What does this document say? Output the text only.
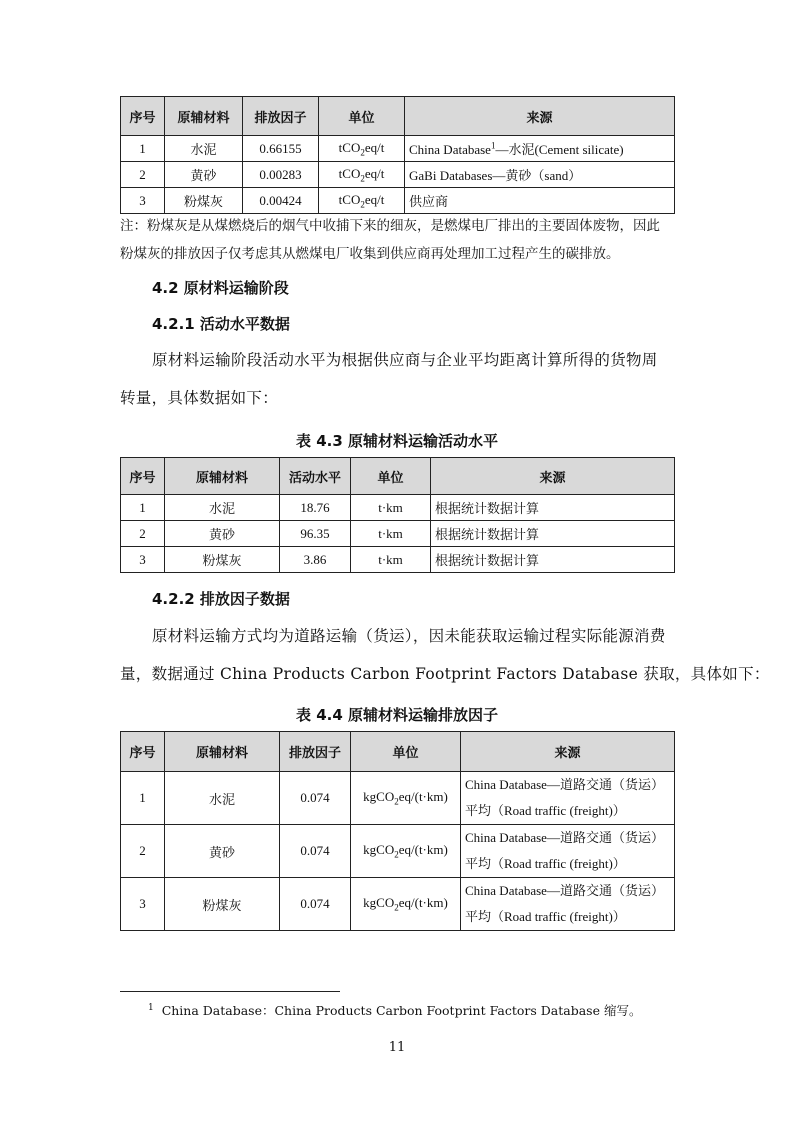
序号	原辅材料	排放因子	单位	来源
1	水泥	0.66155	tCO$_2$eq/t	China Database$^1$—水泥(Cement silicate)
2	黄砂	0.00283	tCO$_2$eq/t	GaBi Databases—黄砂（sand）
3	粉煤灰	0.00424	tCO$_2$eq/t	供应商
注：粉煤灰是从煤燃烧后的烟气中收捕下来的细灰，是燃煤电厂排出的主要固体废物，因此
粉煤灰的排放因子仅考虑其从燃煤电厂收集到供应商再处理加工过程产生的碳排放。
4.2 原材料运输阶段
4.2.1 活动水平数据
原材料运输阶段活动水平为根据供应商与企业平均距离计算所得的货物周
转量，具体数据如下：
表 4.3 原辅材料运输活动水平
序号	原辅材料	活动水平	单位	来源
1	水泥	18.76	t·km	根据统计数据计算
2	黄砂	96.35	t·km	根据统计数据计算
3	粉煤灰	3.86	t·km	根据统计数据计算
4.2.2 排放因子数据
原材料运输方式均为道路运输（货运），因未能获取运输过程实际能源消费
量，数据通过 China Products Carbon Footprint Factors Database 获取，具体如下：
表 4.4 原辅材料运输排放因子
序号	原辅材料	排放因子	单位	来源
1	水泥	0.074	kgCO$_2$eq/(t·km)	China Database—道路交通（货运）
平均（Road traffic (freight)）

2	黄砂	0.074	kgCO$_2$eq/(t·km)	China Database—道路交通（货运）
平均（Road traffic (freight)）

3	粉煤灰	0.074	kgCO$_2$eq/(t·km)	China Database—道路交通（货运）
平均（Road traffic (freight)）
$^1$ China Database：China Products Carbon Footprint Factors Database 缩写。
11
